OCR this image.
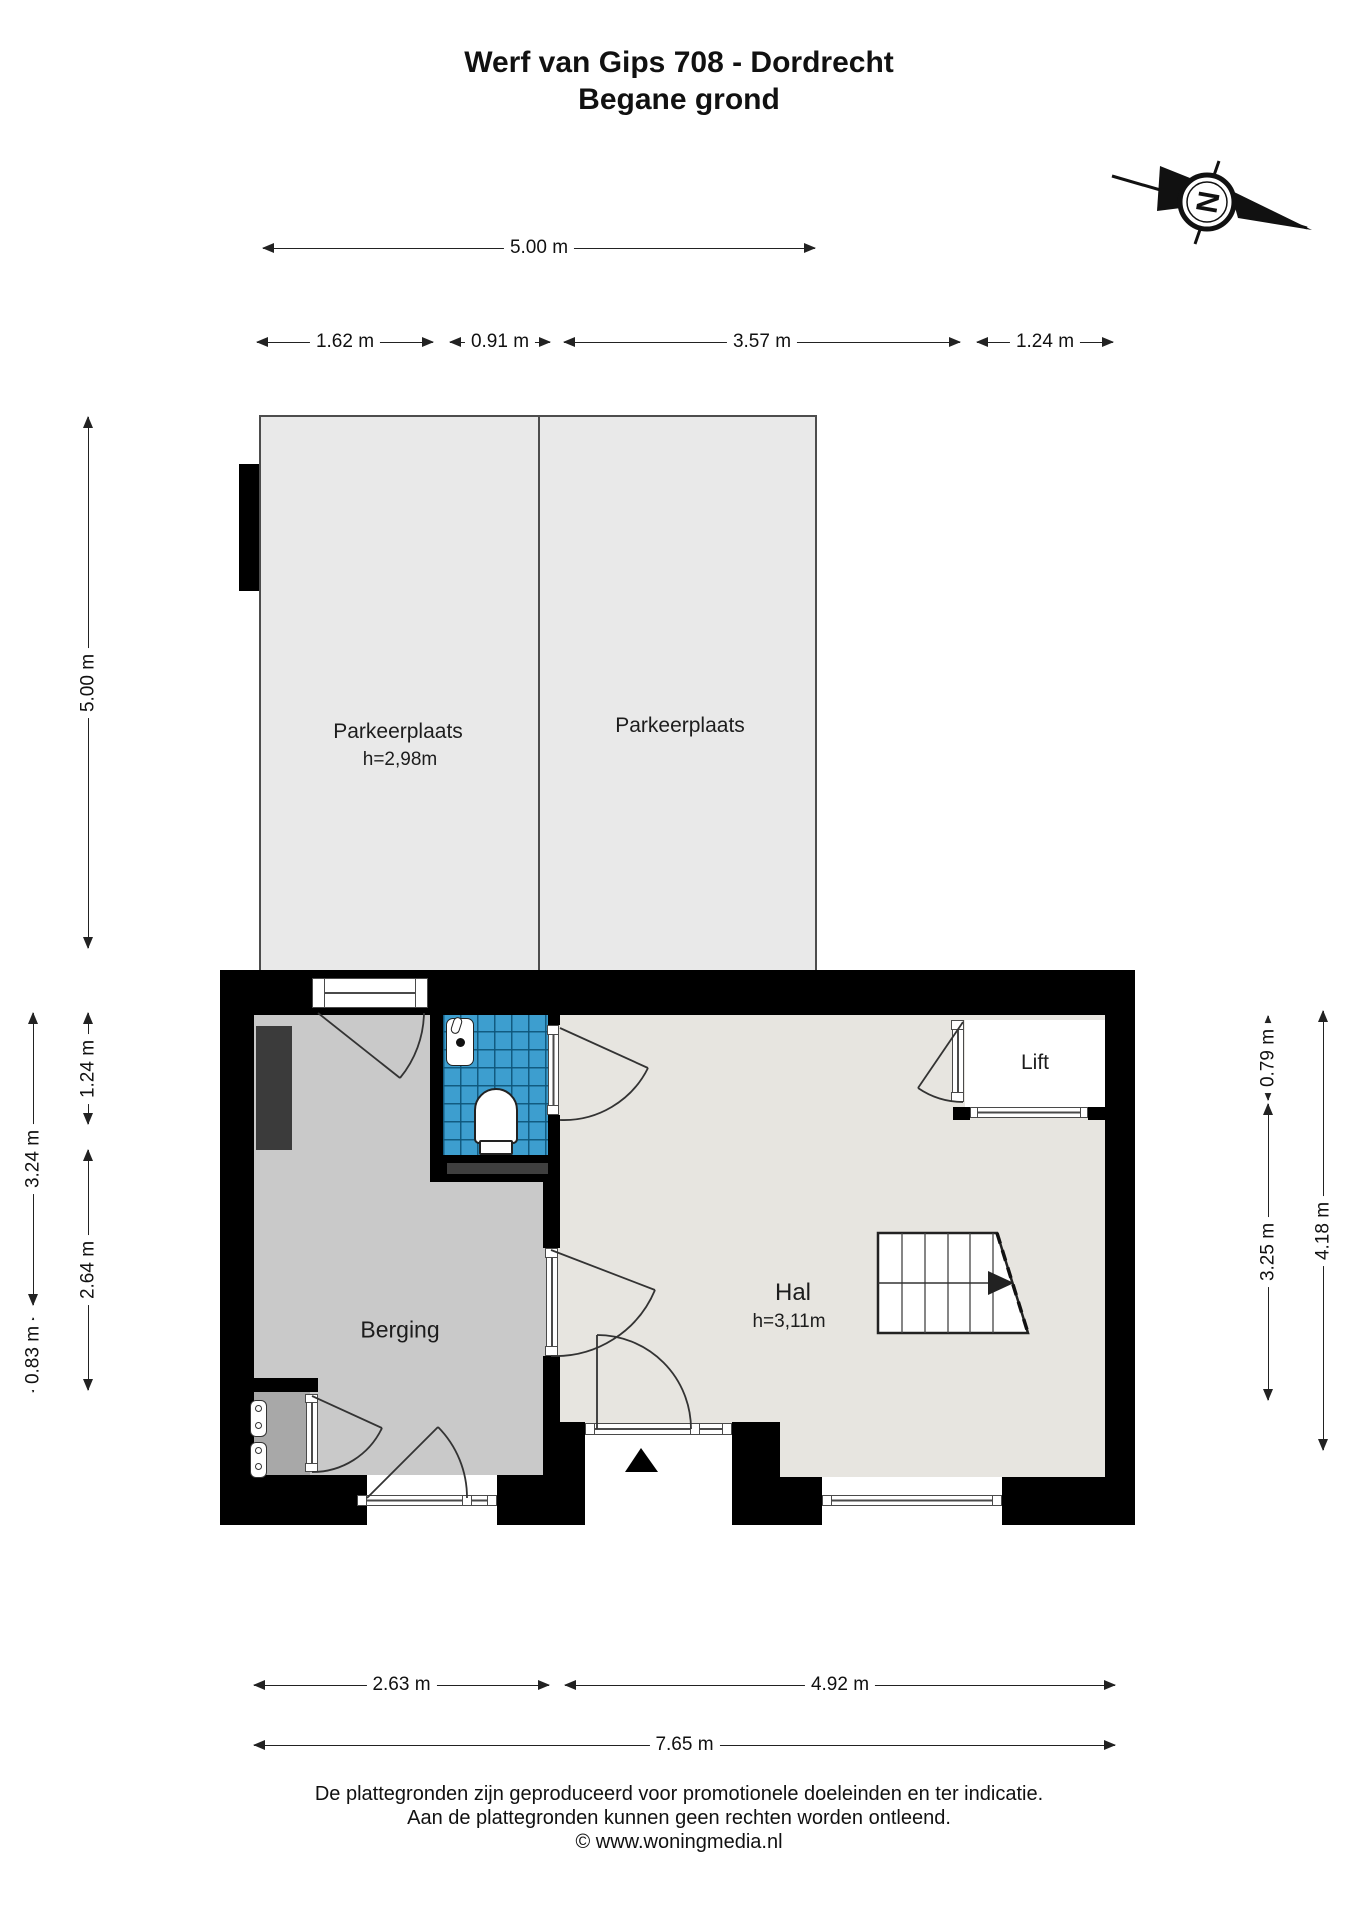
Werf van Gips 708 - Dordrecht
Begane grond
N
Parkeerplaats
h=2,98m
Parkeerplaats
Berging
Hal
h=3,11m
Lift
5.00 m
1.62 m	0.91 m	3.57 m	1.24 m
5.00 m
1.24 m
2.64 m
3.24 m
0.83 m
0.79 m
3.25 m 4.18 m
2.63 m	4.92 m
7.65 m
De plattegronden zijn geproduceerd voor promotionele doeleinden en ter indicatie.
Aan de plattegronden kunnen geen rechten worden ontleend.
© www.woningmedia.nl
